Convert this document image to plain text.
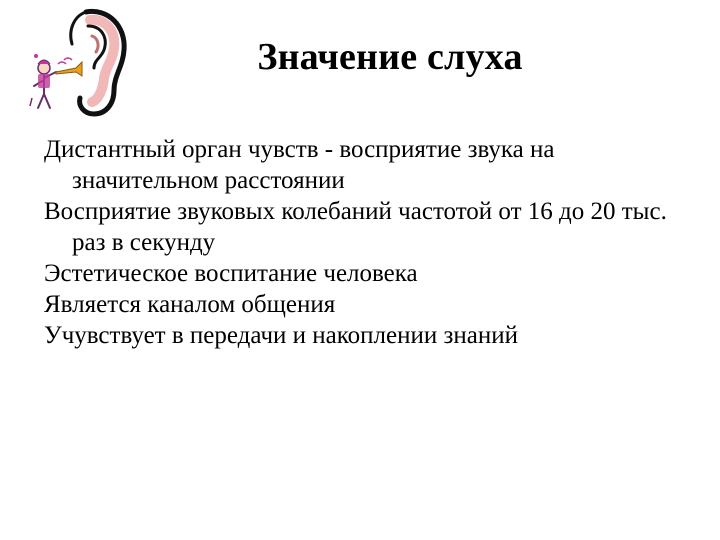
Значение слуха
Дистантный орган чувств - восприятие звука на значительном расстоянии
Восприятие звуковых колебаний частотой от 16 до 20 тыс. раз в секунду
Эстетическое воспитание человека
Является каналом общения
Учувствует в передачи и накоплении знаний
